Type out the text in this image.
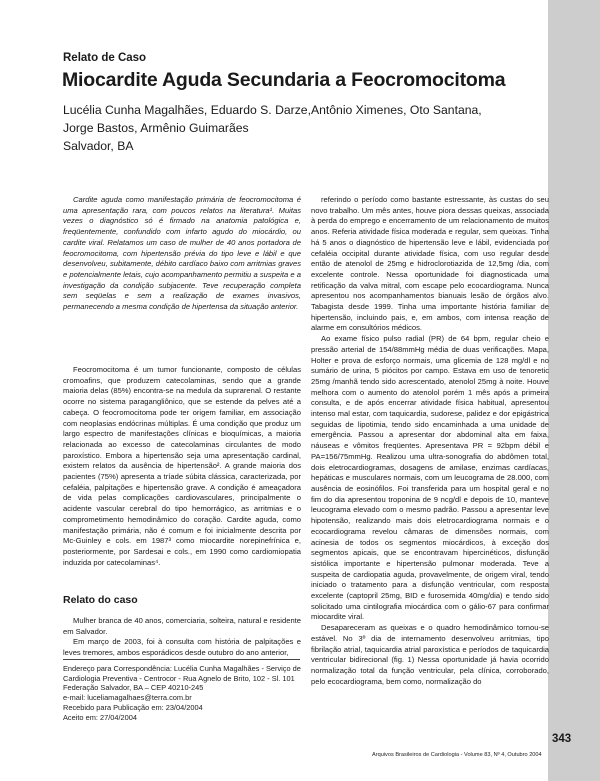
Relato de Caso
Miocardite Aguda Secundaria a Feocromocitoma
Lucélia Cunha Magalhães, Eduardo S. Darze,Antônio Ximenes, Oto Santana,
Jorge Bastos, Armênio Guimarães
Salvador, BA

Cardite aguda como manifestação primária de feocromocitoma é uma apresentação rara, com poucos relatos na literatura¹. Muitas vezes o diagnóstico só é firmado na anatomia patológica e, freqüentemente, confundido com infarto agudo do miocárdio, ou cardite viral. Relatamos um caso de mulher de 40 anos portadora de feocromocitoma, com hipertensão prévia do tipo leve e lábil e que desenvolveu, subitamente, débito cardíaco baixo com arritmias graves e potencialmente letais, cujo acompanhamento permitiu a suspeita e a investigação da condição subjacente. Teve recuperação completa sem seqüelas e sem a realização de exames invasivos, permanecendo a mesma condição de hipertensa da situação anterior.

Feocromocitoma é um tumor funcionante, composto de células cromoafins, que produzem catecolaminas, sendo que a grande maioria delas (85%) encontra-se na medula da suprarenal. O restante ocorre no sistema paragangliônico, que se estende da pelves até a cabeça. O feocromocitoma pode ter origem familiar, em associação com neoplasias endócrinas múltiplas. É uma condição que produz um largo espectro de manifestações clínicas e bioquímicas, a maioria relacionada ao excesso de catecolaminas circulantes de modo paroxístico. Embora a hipertensão seja uma apresentação cardinal, existem relatos da ausência de hipertensão². A grande maioria dos pacientes (75%) apresenta a tríade súbita clássica, caracterizada, por cefaléia, palpitações e hipertensão grave. A condição é ameaçadora de vida pelas complicações cardiovasculares, principalmente o acidente vascular cerebral do tipo hemorrágico, as arritmias e o comprometimento hemodinâmico do coração. Cardite aguda, como manifestação primária, não é comum e foi inicialmente descrita por Mc-Guinley e cols. em 1987³ como miocardite norepinefrínica e, posteriormente, por Sardesai e cols., em 1990 como cardiomiopatia induzida por catecolaminas⁴.

Relato do caso

Mulher branca de 40 anos, comerciaria, solteira, natural e residente em Salvador.

Em março de 2003, foi à consulta com história de palpitações e leves tremores, ambos esporádicos desde outubro do ano anterior,

Endereço para Correspondência: Lucélia Cunha Magalhães - Serviço de
Cardiologia Preventiva - Centrocor - Rua Agnelo de Brito, 102 - Sl. 101
Federação Salvador, BA – CEP 40210-245
e-mail: luceliamagalhaes@terra.com.br
Recebido para Publicação em: 23/04/2004
Aceito em: 27/04/2004

referindo o período como bastante estressante, às custas do seu novo trabalho. Um mês antes, houve piora dessas queixas, associada à perda do emprego e encerramento de um relacionamento de muitos anos. Referia atividade física moderada e regular, sem queixas. Tinha há 5 anos o diagnóstico de hipertensão leve e lábil, evidenciada por cefaléia occipital durante atividade física, com uso regular desde então de atenolol de 25mg e hidroclorotiazida de 12,5mg /dia, com excelente controle. Nessa oportunidade foi diagnosticada uma retificação da valva mitral, com escape pelo ecocardiograma. Nunca apresentou nos acompanhamentos bianuais lesão de órgãos alvo. Tabagista desde 1999. Tinha uma importante história familiar de hipertensão, incluindo pais, e, em ambos, com intensa reação de alarme em consultórios médicos.

Ao exame físico pulso radial (PR) de 64 bpm, regular cheio e pressão arterial de 154/88mmHg média de duas verificações. Mapa, Holter e prova de esforço normais, uma glicemia de 128 mg/dl e no sumário de urina, 5 piócitos por campo. Estava em uso de tenoretic 25mg /manhã tendo sido acrescentado, atenolol 25mg à noite. Houve melhora com o aumento do atenolol porém 1 mês após a primeira consulta, e de após encerrar atividade física habitual, apresentou intenso mal estar, com taquicardia, sudorese, palidez e dor epigástrica seguidas de lipotimia, tendo sido encaminhada a uma unidade de emergência. Passou a apresentar dor abdominal alta em faixa, náuseas e vômitos freqüentes. Apresentava PR = 92bpm débil e PA=156/75mmHg. Realizou uma ultra-sonografia do abdômen total, dois eletrocardiogramas, dosagens de amilase, enzimas cardíacas, hepáticas e musculares normais, com um leucograma de 28.000, com ausência de eosinófilos. Foi transferida para um hospital geral e no fim do dia apresentou troponina de 9 ncg/dl e depois de 10, manteve leucograma elevado com o mesmo padrão. Passou a apresentar leve hipotensão, realizando mais dois eletrocardiograma normais e o ecocardiograma revelou câmaras de dimensões normais, com acinesia de todos os segmentos miocárdicos, à exceção dos segmentos apicais, que se encontravam hipercinéticos, disfunção sistólica importante e hipertensão pulmonar moderada. Teve a suspeita de cardiopatia aguda, provavelmente, de origem viral, tendo iniciado o tratamento para a disfunção ventricular, com resposta excelente (captopril 25mg, BID e furosemida 40mg/dia) e tendo sido solicitado uma cintilografia miocárdica com o gálio-67 para confirmar miocardite viral.

Desapareceram as queixas e o quadro hemodinâmico tornou-se estável. No 3º dia de internamento desenvolveu arritmias, tipo fibrilação atrial, taquicardia atrial paroxística e períodos de taquicardia ventricular bidirecional (fig. 1) Nessa oportunidade já havia ocorrido normalização total da função ventricular, pela clínica, corroborado, pelo ecocardiograma, bem como, normalização do

Arquivos Brasileiros de Cardiologia - Volume 83, Nº 4, Outubro 2004
343
